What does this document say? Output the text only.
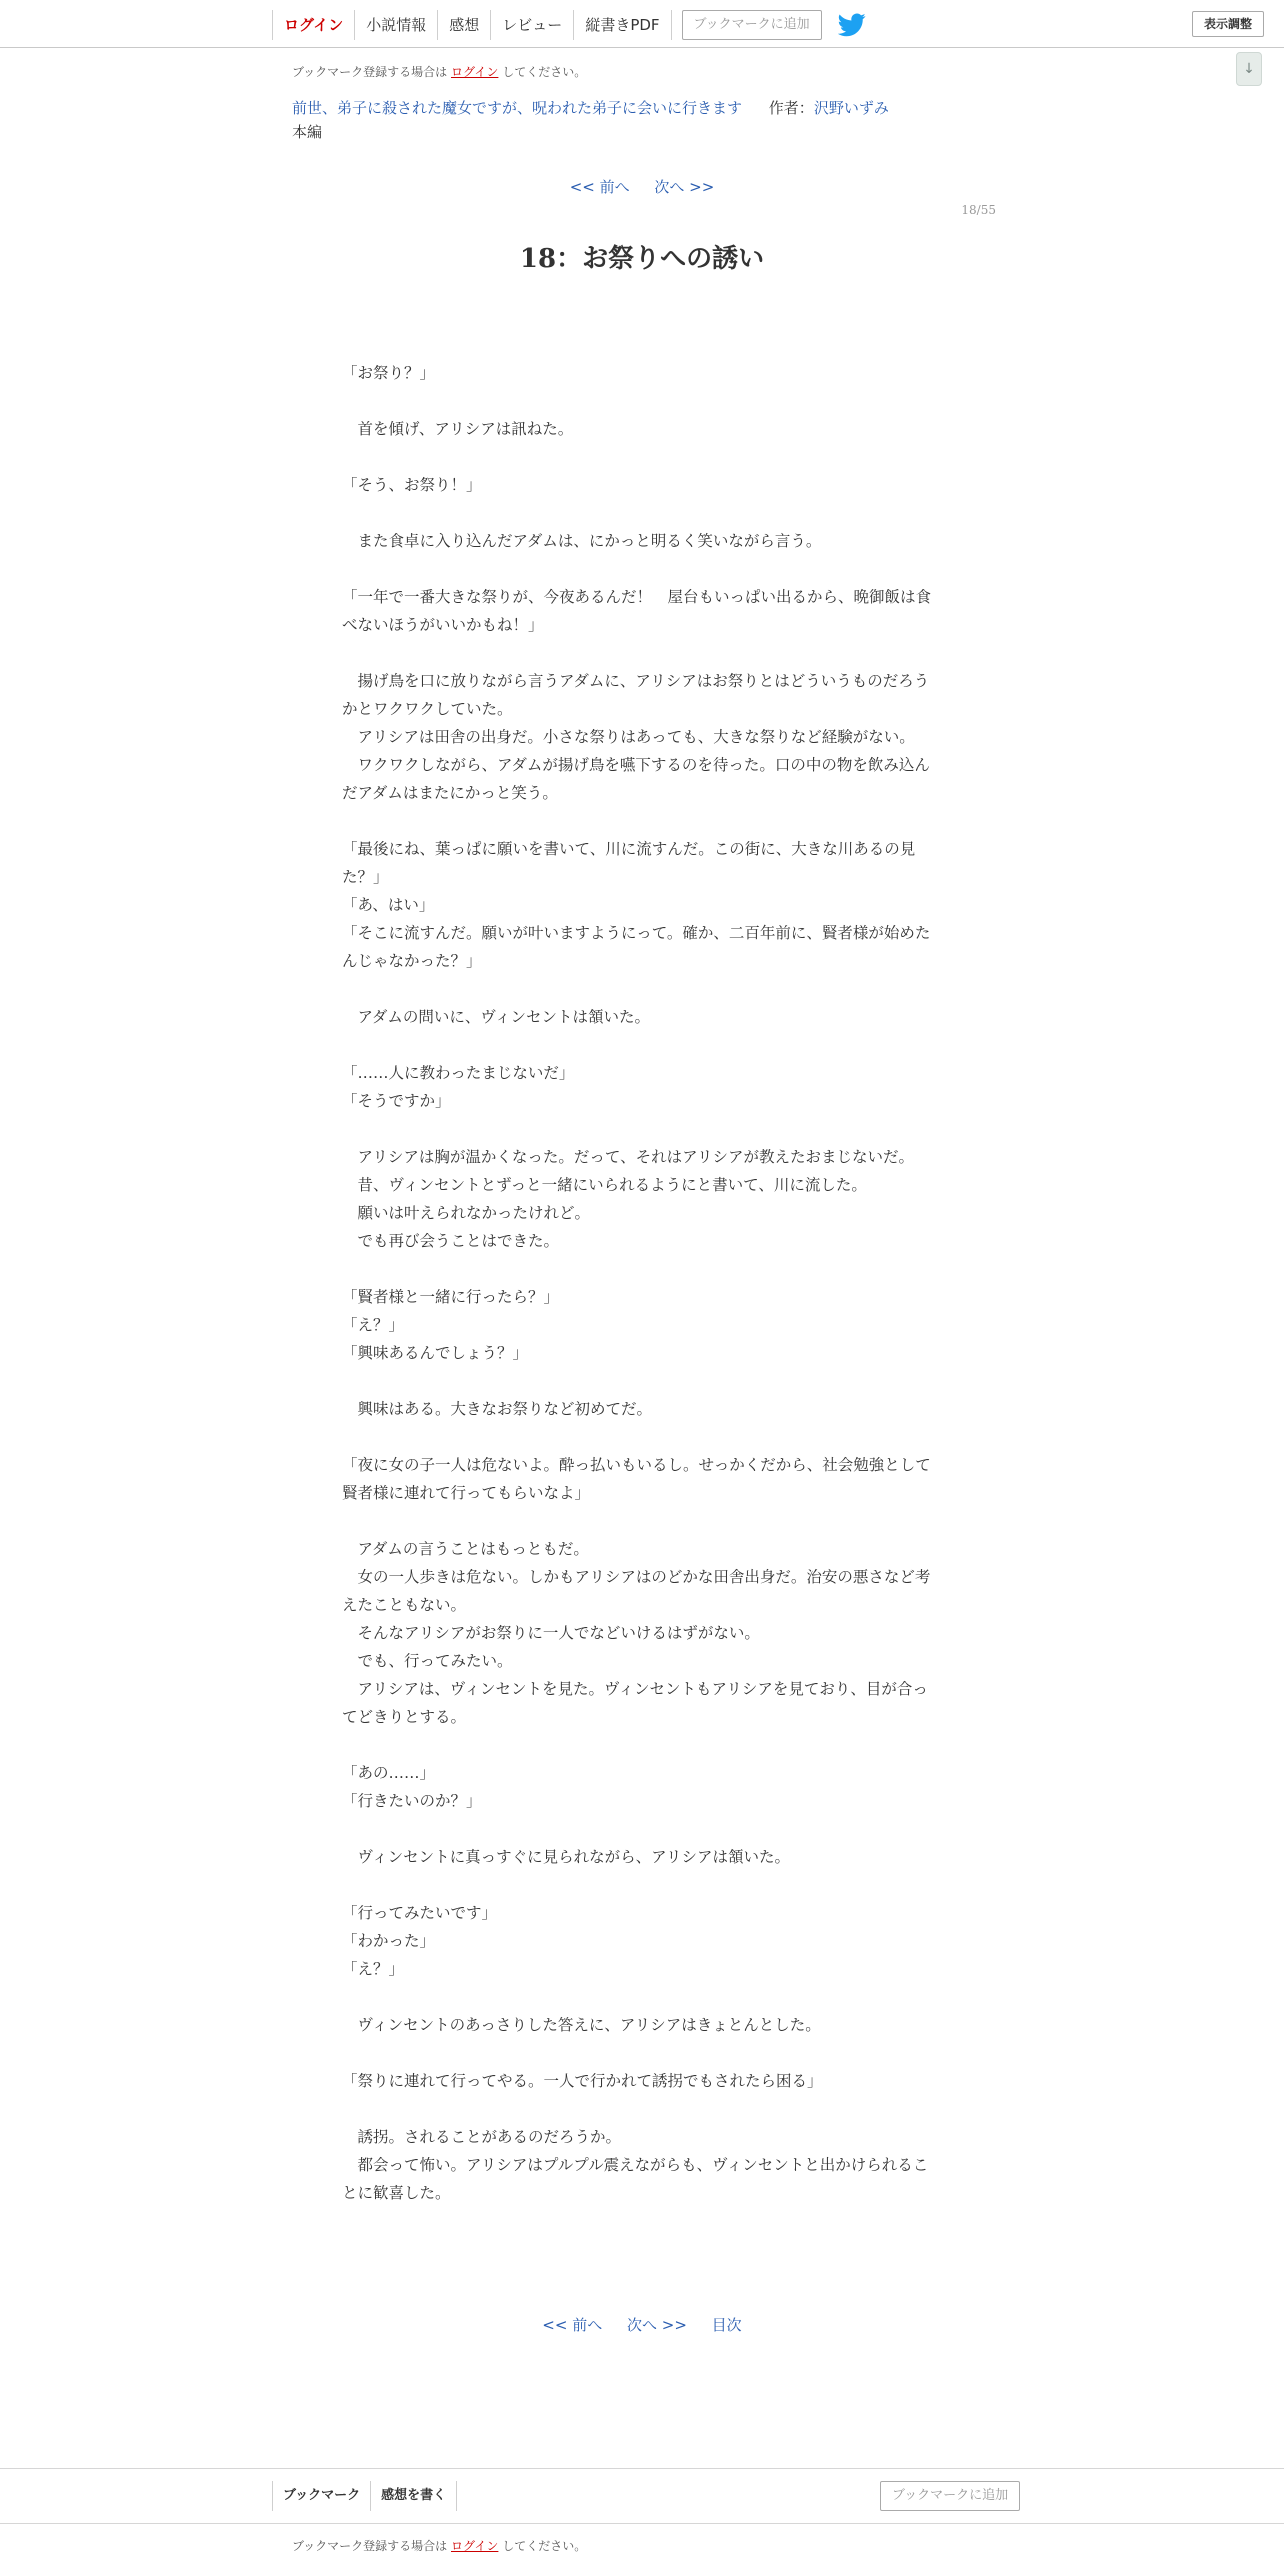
ログイン	小説情報	感想	レビュー	縦書きPDF	ブックマークに追加	表示調整
↓
ブックマーク登録する場合は ログイン してください。
前世、弟子に殺された魔女ですが、呪われた弟子に会いに行きます 作者：沢野いずみ
本編
<< 前へ 次へ >>
18/55
18：お祭りへの誘い

「お祭り？」

　首を傾げ、アリシアは訊ねた。

「そう、お祭り！」

　また食卓に入り込んだアダムは、にかっと明るく笑いながら言う。

「一年で一番大きな祭りが、今夜あるんだ！　屋台もいっぱい出るから、晩御飯は食べないほうがいいかもね！」

　揚げ鳥を口に放りながら言うアダムに、アリシアはお祭りとはどういうものだろうかとワクワクしていた。

　アリシアは田舎の出身だ。小さな祭りはあっても、大きな祭りなど経験がない。

　ワクワクしながら、アダムが揚げ鳥を嚥下するのを待った。口の中の物を飲み込んだアダムはまたにかっと笑う。

「最後にね、葉っぱに願いを書いて、川に流すんだ。この街に、大きな川あるの見た？」

「あ、はい」

「そこに流すんだ。願いが叶いますようにって。確か、二百年前に、賢者様が始めたんじゃなかった？」

　アダムの問いに、ヴィンセントは頷いた。

「……人に教わったまじないだ」

「そうですか」

　アリシアは胸が温かくなった。だって、それはアリシアが教えたおまじないだ。

　昔、ヴィンセントとずっと一緒にいられるようにと書いて、川に流した。

　願いは叶えられなかったけれど。

　でも再び会うことはできた。

「賢者様と一緒に行ったら？」

「え？」

「興味あるんでしょう？」

　興味はある。大きなお祭りなど初めてだ。

「夜に女の子一人は危ないよ。酔っ払いもいるし。せっかくだから、社会勉強として賢者様に連れて行ってもらいなよ」

　アダムの言うことはもっともだ。

　女の一人歩きは危ない。しかもアリシアはのどかな田舎出身だ。治安の悪さなど考えたこともない。

　そんなアリシアがお祭りに一人でなどいけるはずがない。

　でも、行ってみたい。

　アリシアは、ヴィンセントを見た。ヴィンセントもアリシアを見ており、目が合ってどきりとする。

「あの……」

「行きたいのか？」

　ヴィンセントに真っすぐに見られながら、アリシアは頷いた。

「行ってみたいです」

「わかった」

「え？」

　ヴィンセントのあっさりした答えに、アリシアはきょとんとした。

「祭りに連れて行ってやる。一人で行かれて誘拐でもされたら困る」

　誘拐。されることがあるのだろうか。

　都会って怖い。アリシアはプルプル震えながらも、ヴィンセントと出かけられることに歓喜した。

<< 前へ 次へ >> 目次
ブックマーク	感想を書く	ブックマークに追加
ブックマーク登録する場合は ログイン してください。
